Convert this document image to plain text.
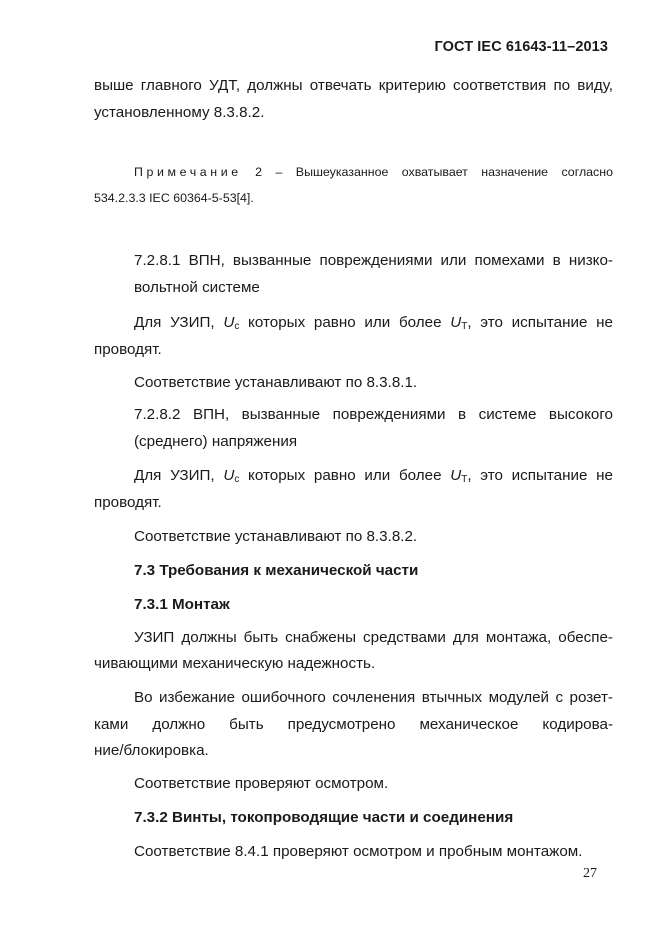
ГОСТ IEC 61643-11–2013
выше главного УДТ, должны отвечать критерию соответствия по виду,
установленному 8.3.8.2.
Примечание 2 – Вышеуказанное охватывает назначение согласно
534.2.3.3 IEC 60364-5-53[4].
7.2.8.1 ВПН, вызванные повреждениями или помехами в низко-
вольтной системе
Для УЗИП, $U_c$ которых равно или более $U_T$, это испытание не
проводят.
Соответствие устанавливают по 8.3.8.1.
7.2.8.2 ВПН, вызванные повреждениями в системе высокого
(среднего) напряжения
Для УЗИП, $U_c$ которых равно или более $U_T$, это испытание не
проводят.
Соответствие устанавливают по 8.3.8.2.
7.3 Требования к механической части
7.3.1 Монтаж
УЗИП должны быть снабжены средствами для монтажа, обеспе-
чивающими механическую надежность.
Во избежание ошибочного сочленения втычных модулей с розет-
ками должно быть предусмотрено механическое кодирова-
ние/блокировка.
Соответствие проверяют осмотром.
7.3.2 Винты, токопроводящие части и соединения
Соответствие 8.4.1 проверяют осмотром и пробным монтажом.
27
